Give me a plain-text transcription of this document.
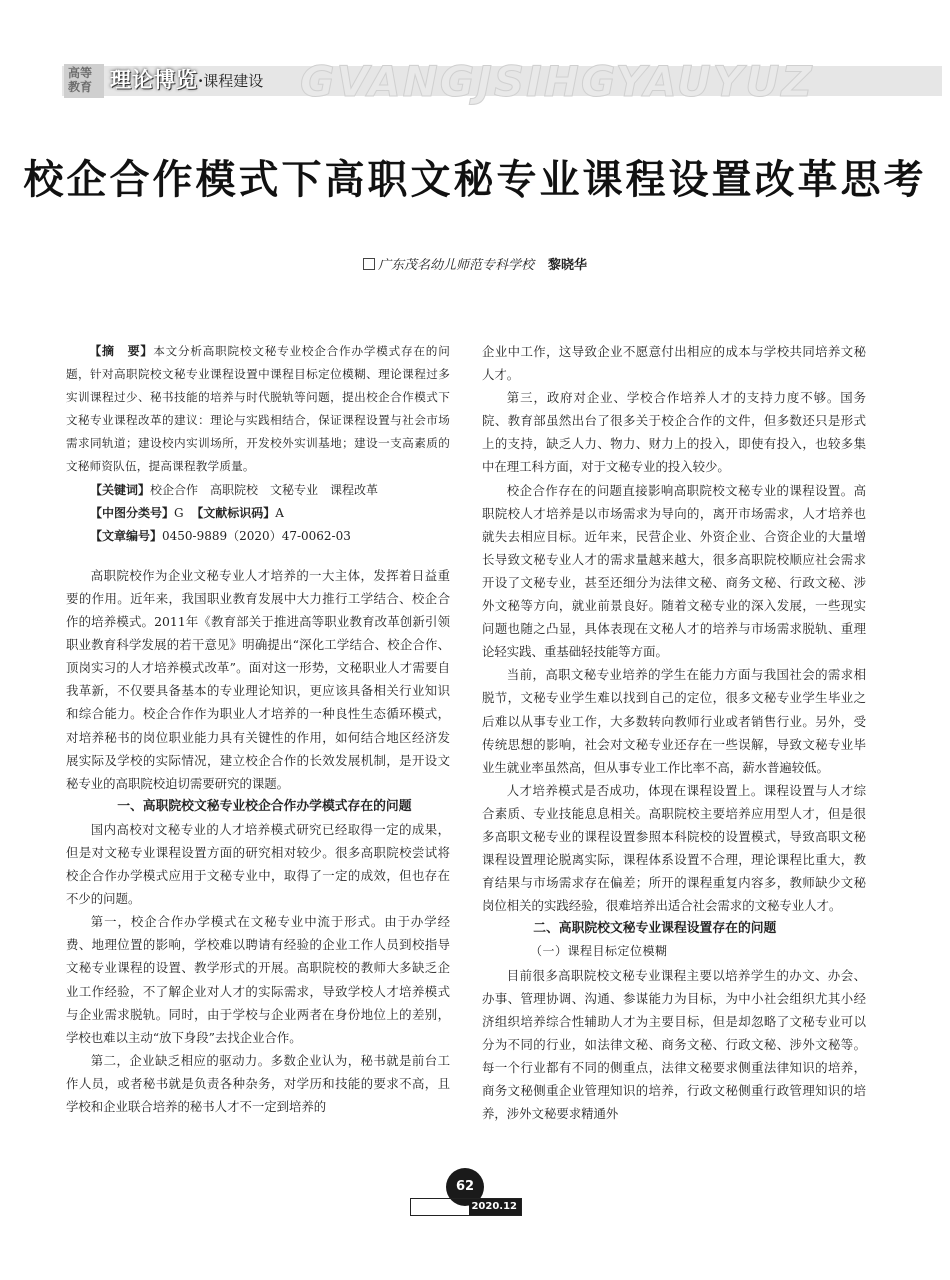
GVANGJSIHGYAUYUZ
高等
教育 理论博览 ·课程建设
校企合作模式下高职文秘专业课程设置改革思考
广东茂名幼儿师范专科学校 黎晓华

【摘　要】本文分析高职院校文秘专业校企合作办学模式存在的问题，针对高职院校文秘专业课程设置中课程目标定位模糊、理论课程过多实训课程过少、秘书技能的培养与时代脱轨等问题，提出校企合作模式下文秘专业课程改革的建议：理论与实践相结合，保证课程设置与社会市场需求同轨道；建设校内实训场所，开发校外实训基地；建设一支高素质的文秘师资队伍，提高课程教学质量。

【关键词】校企合作　高职院校　文秘专业　课程改革
【中图分类号】G 【文献标识码】A
【文章编号】0450-9889（2020）47-0062-03

高职院校作为企业文秘专业人才培养的一大主体，发挥着日益重要的作用。近年来，我国职业教育发展中大力推行工学结合、校企合作的培养模式。2011年《教育部关于推进高等职业教育改革创新引领职业教育科学发展的若干意见》明确提出“深化工学结合、校企合作、顶岗实习的人才培养模式改革”。面对这一形势，文秘职业人才需要自我革新，不仅要具备基本的专业理论知识，更应该具备相关行业知识和综合能力。校企合作作为职业人才培养的一种良性生态循环模式，对培养秘书的岗位职业能力具有关键性的作用，如何结合地区经济发展实际及学校的实际情况，建立校企合作的长效发展机制，是开设文秘专业的高职院校迫切需要研究的课题。

一、高职院校文秘专业校企合作办学模式存在的问题

国内高校对文秘专业的人才培养模式研究已经取得一定的成果，但是对文秘专业课程设置方面的研究相对较少。很多高职院校尝试将校企合作办学模式应用于文秘专业中，取得了一定的成效，但也存在不少的问题。

第一，校企合作办学模式在文秘专业中流于形式。由于办学经费、地理位置的影响，学校难以聘请有经验的企业工作人员到校指导文秘专业课程的设置、教学形式的开展。高职院校的教师大多缺乏企业工作经验，不了解企业对人才的实际需求，导致学校人才培养模式与企业需求脱轨。同时，由于学校与企业两者在身份地位上的差别，学校也难以主动“放下身段”去找企业合作。

第二，企业缺乏相应的驱动力。多数企业认为，秘书就是前台工作人员，或者秘书就是负责各种杂务，对学历和技能的要求不高，且学校和企业联合培养的秘书人才不一定到培养的

企业中工作，这导致企业不愿意付出相应的成本与学校共同培养文秘人才。

第三，政府对企业、学校合作培养人才的支持力度不够。国务院、教育部虽然出台了很多关于校企合作的文件，但多数还只是形式上的支持，缺乏人力、物力、财力上的投入，即使有投入，也较多集中在理工科方面，对于文秘专业的投入较少。

校企合作存在的问题直接影响高职院校文秘专业的课程设置。高职院校人才培养是以市场需求为导向的，离开市场需求，人才培养也就失去相应目标。近年来，民营企业、外资企业、合资企业的大量增长导致文秘专业人才的需求量越来越大，很多高职院校顺应社会需求开设了文秘专业，甚至还细分为法律文秘、商务文秘、行政文秘、涉外文秘等方向，就业前景良好。随着文秘专业的深入发展，一些现实问题也随之凸显，具体表现在文秘人才的培养与市场需求脱轨、重理论轻实践、重基础轻技能等方面。

当前，高职文秘专业培养的学生在能力方面与我国社会的需求相脱节，文秘专业学生难以找到自己的定位，很多文秘专业学生毕业之后难以从事专业工作，大多数转向教师行业或者销售行业。另外，受传统思想的影响，社会对文秘专业还存在一些误解，导致文秘专业毕业生就业率虽然高，但从事专业工作比率不高，薪水普遍较低。

人才培养模式是否成功，体现在课程设置上。课程设置与人才综合素质、专业技能息息相关。高职院校主要培养应用型人才，但是很多高职文秘专业的课程设置参照本科院校的设置模式，导致高职文秘课程设置理论脱离实际，课程体系设置不合理，理论课程比重大，教育结果与市场需求存在偏差；所开的课程重复内容多，教师缺少文秘岗位相关的实践经验，很难培养出适合社会需求的文秘专业人才。

二、高职院校文秘专业课程设置存在的问题

（一）课程目标定位模糊

目前很多高职院校文秘专业课程主要以培养学生的办文、办会、办事、管理协调、沟通、参谋能力为目标，为中小社会组织尤其小经济组织培养综合性辅助人才为主要目标，但是却忽略了文秘专业可以分为不同的行业，如法律文秘、商务文秘、行政文秘、涉外文秘等。每一个行业都有不同的侧重点，法律文秘要求侧重法律知识的培养，商务文秘侧重企业管理知识的培养，行政文秘侧重行政管理知识的培养，涉外文秘要求精通外

62
2020.12
